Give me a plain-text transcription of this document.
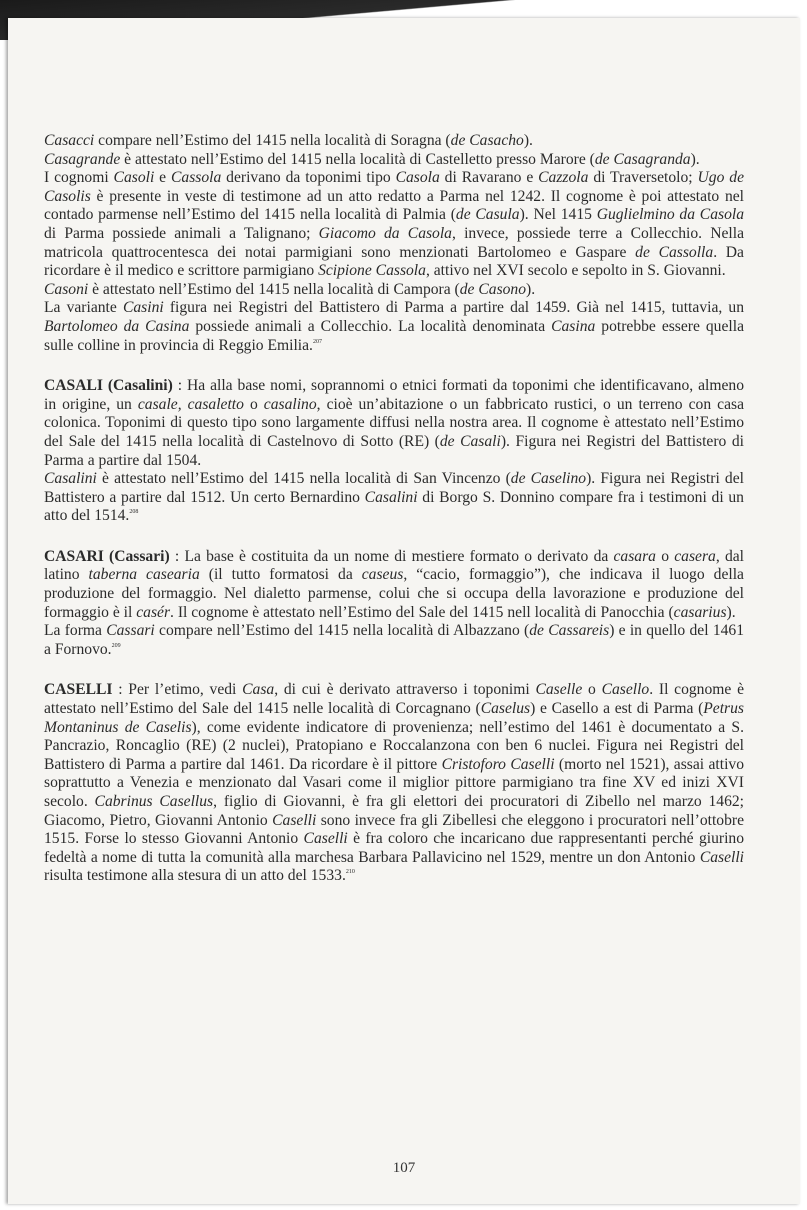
Casacci compare nell’Estimo del 1415 nella località di Soragna (de Casacho).

Casagrande è attestato nell’Estimo del 1415 nella località di Castelletto presso Marore (de Casagranda).

I cognomi Casoli e Cassola derivano da toponimi tipo Casola di Ravarano e Cazzola di Traversetolo; Ugo de Casolis è presente in veste di testimone ad un atto redatto a Parma nel 1242. Il cognome è poi attestato nel contado parmense nell’Estimo del 1415 nella località di Palmia (de Casula). Nel 1415 Guglielmino da Casola di Parma possiede animali a Talignano; Giacomo da Casola, invece, possiede terre a Collecchio. Nella matricola quattrocentesca dei notai parmigiani sono menzionati Bartolomeo e Gaspare de Cassolla. Da ricordare è il medico e scrittore parmigiano Scipione Cassola, attivo nel XVI secolo e sepolto in S. Giovanni.

Casoni è attestato nell’Estimo del 1415 nella località di Campora (de Casono).

La variante Casini figura nei Registri del Battistero di Parma a partire dal 1459. Già nel 1415, tuttavia, un Bartolomeo da Casina possiede animali a Collecchio. La località denominata Casina potrebbe essere quella sulle colline in provincia di Reggio Emilia.$^{207}$

CASALI (Casalini) : Ha alla base nomi, soprannomi o etnici formati da toponimi che identificavano, almeno in origine, un casale, casaletto o casalino, cioè un’abitazione o un fabbricato rustici, o un terreno con casa colonica. Toponimi di questo tipo sono largamente diffusi nella nostra area. Il cognome è attestato nell’Estimo del Sale del 1415 nella località di Castelnovo di Sotto (RE) (de Casali). Figura nei Registri del Battistero di Parma a partire dal 1504.

Casalini è attestato nell’Estimo del 1415 nella località di San Vincenzo (de Caselino). Figura nei Registri del Battistero a partire dal 1512. Un certo Bernardino Casalini di Borgo S. Donnino compare fra i testimoni di un atto del 1514.$^{208}$

CASARI (Cassari) : La base è costituita da un nome di mestiere formato o derivato da casara o casera, dal latino taberna casearia (il tutto formatosi da caseus, “cacio, formaggio”), che indicava il luogo della produzione del formaggio. Nel dialetto parmense, colui che si occupa della lavorazione e produzione del formaggio è il casér. Il cognome è attestato nell’Estimo del Sale del 1415 nell località di Panocchia (casarius).

La forma Cassari compare nell’Estimo del 1415 nella località di Albazzano (de Cassareis) e in quello del 1461 a Fornovo.$^{209}$

CASELLI : Per l’etimo, vedi Casa, di cui è derivato attraverso i toponimi Caselle o Casello. Il cognome è attestato nell’Estimo del Sale del 1415 nelle località di Corcagnano (Caselus) e Casello a est di Parma (Petrus Montaninus de Caselis), come evidente indicatore di provenienza; nell’estimo del 1461 è documentato a S. Pancrazio, Roncaglio (RE) (2 nuclei), Pratopiano e Roccalanzona con ben 6 nuclei. Figura nei Registri del Battistero di Parma a partire dal 1461. Da ricordare è il pittore Cristoforo Caselli (morto nel 1521), assai attivo soprattutto a Venezia e menzionato dal Vasari come il miglior pittore parmigiano tra fine XV ed inizi XVI secolo. Cabrinus Casellus, figlio di Giovanni, è fra gli elettori dei procuratori di Zibello nel marzo 1462; Giacomo, Pietro, Giovanni Antonio Caselli sono invece fra gli Zibellesi che eleggono i procuratori nell’ottobre 1515. Forse lo stesso Giovanni Antonio Caselli è fra coloro che incaricano due rappresentanti perché giurino fedeltà a nome di tutta la comunità alla marchesa Barbara Pallavicino nel 1529, mentre un don Antonio Caselli risulta testimone alla stesura di un atto del 1533.$^{210}$

107
